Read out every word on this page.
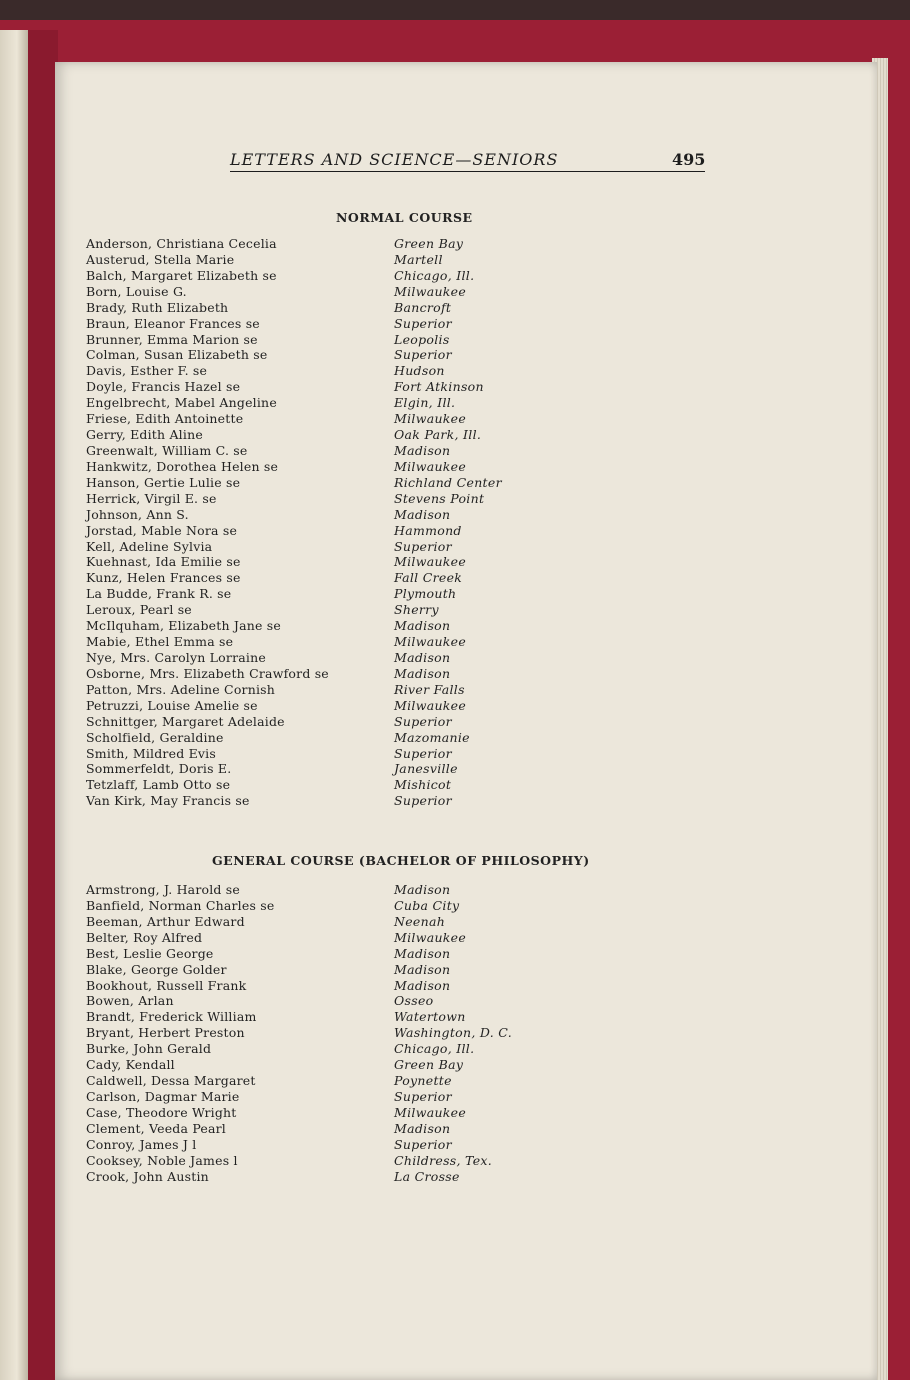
LETTERS AND SCIENCE—SENIORS	495
NORMAL COURSE
Anderson, Christiana Cecelia	Green Bay
Austerud, Stella Marie	Martell
Balch, Margaret Elizabeth se	Chicago, Ill.
Born, Louise G.	Milwaukee
Brady, Ruth Elizabeth	Bancroft
Braun, Eleanor Frances se	Superior
Brunner, Emma Marion se	Leopolis
Colman, Susan Elizabeth se	Superior
Davis, Esther F. se	Hudson
Doyle, Francis Hazel se	Fort Atkinson
Engelbrecht, Mabel Angeline	Elgin, Ill.
Friese, Edith Antoinette	Milwaukee
Gerry, Edith Aline	Oak Park, Ill.
Greenwalt, William C. se	Madison
Hankwitz, Dorothea Helen se	Milwaukee
Hanson, Gertie Lulie se	Richland Center
Herrick, Virgil E. se	Stevens Point
Johnson, Ann S.	Madison
Jorstad, Mable Nora se	Hammond
Kell, Adeline Sylvia	Superior
Kuehnast, Ida Emilie se	Milwaukee
Kunz, Helen Frances se	Fall Creek
La Budde, Frank R. se	Plymouth
Leroux, Pearl se	Sherry
McIlquham, Elizabeth Jane se	Madison
Mabie, Ethel Emma se	Milwaukee
Nye, Mrs. Carolyn Lorraine	Madison
Osborne, Mrs. Elizabeth Crawford se	Madison
Patton, Mrs. Adeline Cornish	River Falls
Petruzzi, Louise Amelie se	Milwaukee
Schnittger, Margaret Adelaide	Superior
Scholfield, Geraldine	Mazomanie
Smith, Mildred Evis	Superior
Sommerfeldt, Doris E.	Janesville
Tetzlaff, Lamb Otto se	Mishicot
Van Kirk, May Francis se	Superior
GENERAL COURSE (BACHELOR OF PHILOSOPHY)
Armstrong, J. Harold se	Madison
Banfield, Norman Charles se	Cuba City
Beeman, Arthur Edward	Neenah
Belter, Roy Alfred	Milwaukee
Best, Leslie George	Madison
Blake, George Golder	Madison
Bookhout, Russell Frank	Madison
Bowen, Arlan	Osseo
Brandt, Frederick William	Watertown
Bryant, Herbert Preston	Washington, D. C.
Burke, John Gerald	Chicago, Ill.
Cady, Kendall	Green Bay
Caldwell, Dessa Margaret	Poynette
Carlson, Dagmar Marie	Superior
Case, Theodore Wright	Milwaukee
Clement, Veeda Pearl	Madison
Conroy, James J l	Superior
Cooksey, Noble James l	Childress, Tex.
Crook, John Austin	La Crosse
